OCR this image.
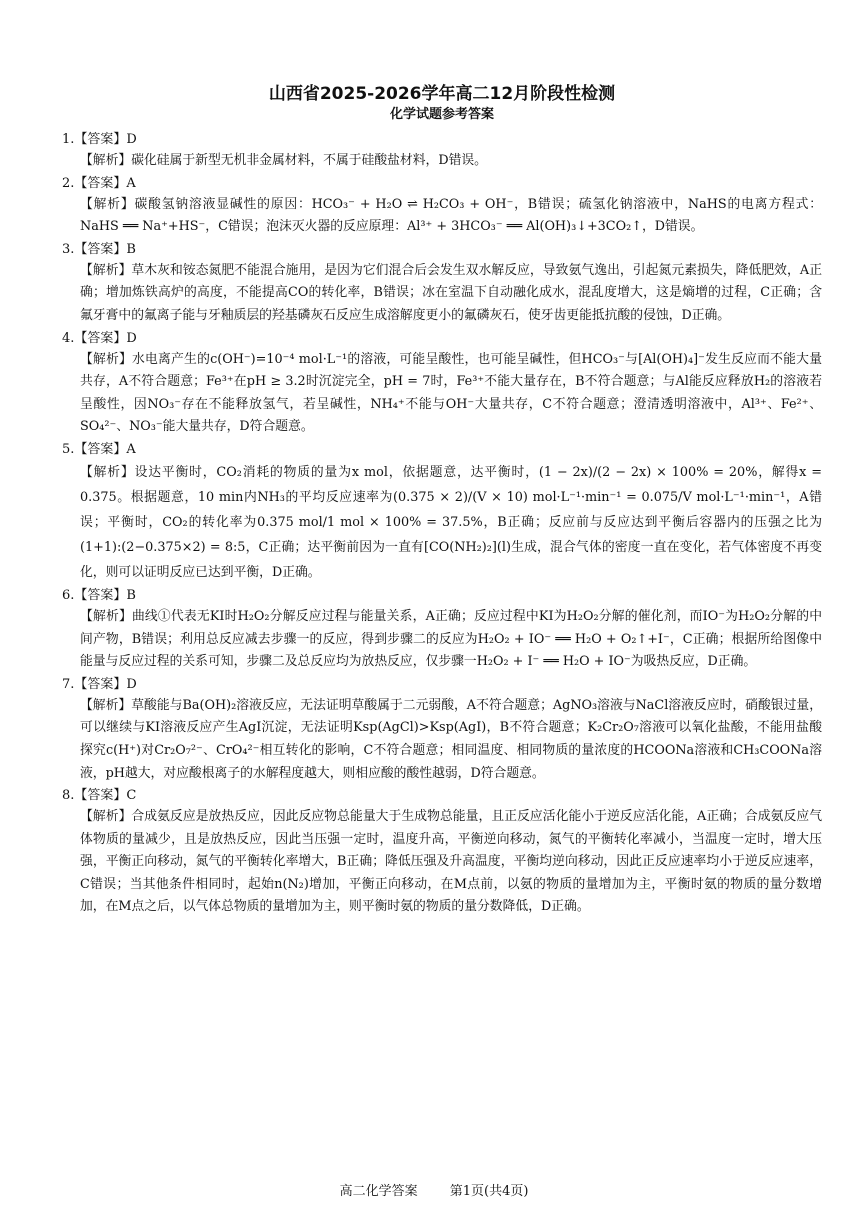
山西省2025-2026学年高二12月阶段性检测
化学试题参考答案

1.【答案】D

【解析】碳化硅属于新型无机非金属材料，不属于硅酸盐材料，D错误。

2.【答案】A

【解析】碳酸氢钠溶液显碱性的原因：HCO₃⁻ + H₂O ⇌ H₂CO₃ + OH⁻，B错误；硫氢化钠溶液中，NaHS的电离方程式：NaHS ══ Na⁺+HS⁻，C错误；泡沫灭火器的反应原理：Al³⁺ + 3HCO₃⁻ ══ Al(OH)₃↓+3CO₂↑，D错误。

3.【答案】B

【解析】草木灰和铵态氮肥不能混合施用，是因为它们混合后会发生双水解反应，导致氨气逸出，引起氮元素损失，降低肥效，A正确；增加炼铁高炉的高度，不能提高CO的转化率，B错误；冰在室温下自动融化成水，混乱度增大，这是熵增的过程，C正确；含氟牙膏中的氟离子能与牙釉质层的羟基磷灰石反应生成溶解度更小的氟磷灰石，使牙齿更能抵抗酸的侵蚀，D正确。

4.【答案】D

【解析】水电离产生的c(OH⁻)=10⁻⁴ mol·L⁻¹的溶液，可能呈酸性，也可能呈碱性，但HCO₃⁻与[Al(OH)₄]⁻发生反应而不能大量共存，A不符合题意；Fe³⁺在pH ≥ 3.2时沉淀完全，pH = 7时，Fe³⁺不能大量存在，B不符合题意；与Al能反应释放H₂的溶液若呈酸性，因NO₃⁻存在不能释放氢气，若呈碱性，NH₄⁺不能与OH⁻大量共存，C不符合题意；澄清透明溶液中，Al³⁺、Fe²⁺、SO₄²⁻、NO₃⁻能大量共存，D符合题意。

5.【答案】A

【解析】设达平衡时，CO₂消耗的物质的量为x mol，依据题意，达平衡时，(1 − 2x)/(2 − 2x) × 100% = 20%，解得x = 0.375。根据题意，10 min内NH₃的平均反应速率为(0.375 × 2)/(V × 10) mol·L⁻¹·min⁻¹ = 0.075/V mol·L⁻¹·min⁻¹，A错误；平衡时，CO₂的转化率为0.375 mol/1 mol × 100% = 37.5%，B正确；反应前与反应达到平衡后容器内的压强之比为(1+1):(2−0.375×2) = 8:5，C正确；达平衡前因为一直有[CO(NH₂)₂](l)生成，混合气体的密度一直在变化，若气体密度不再变化，则可以证明反应已达到平衡，D正确。

6.【答案】B

【解析】曲线①代表无KI时H₂O₂分解反应过程与能量关系，A正确；反应过程中KI为H₂O₂分解的催化剂，而IO⁻为H₂O₂分解的中间产物，B错误；利用总反应减去步骤一的反应，得到步骤二的反应为H₂O₂ + IO⁻ ══ H₂O + O₂↑+I⁻，C正确；根据所给图像中能量与反应过程的关系可知，步骤二及总反应均为放热反应，仅步骤一H₂O₂ + I⁻ ══ H₂O + IO⁻为吸热反应，D正确。

7.【答案】D

【解析】草酸能与Ba(OH)₂溶液反应，无法证明草酸属于二元弱酸，A不符合题意；AgNO₃溶液与NaCl溶液反应时，硝酸银过量，可以继续与KI溶液反应产生AgI沉淀，无法证明Ksp(AgCl)>Ksp(AgI)，B不符合题意；K₂Cr₂O₇溶液可以氧化盐酸，不能用盐酸探究c(H⁺)对Cr₂O₇²⁻、CrO₄²⁻相互转化的影响，C不符合题意；相同温度、相同物质的量浓度的HCOONa溶液和CH₃COONa溶液，pH越大，对应酸根离子的水解程度越大，则相应酸的酸性越弱，D符合题意。

8.【答案】C

【解析】合成氨反应是放热反应，因此反应物总能量大于生成物总能量，且正反应活化能小于逆反应活化能，A正确；合成氨反应气体物质的量减少，且是放热反应，因此当压强一定时，温度升高，平衡逆向移动，氮气的平衡转化率减小，当温度一定时，增大压强，平衡正向移动，氮气的平衡转化率增大，B正确；降低压强及升高温度，平衡均逆向移动，因此正反应速率均小于逆反应速率，C错误；当其他条件相同时，起始n(N₂)增加，平衡正向移动，在M点前，以氨的物质的量增加为主，平衡时氨的物质的量分数增加，在M点之后，以气体总物质的量增加为主，则平衡时氨的物质的量分数降低，D正确。

高二化学答案 第1页(共4页)
